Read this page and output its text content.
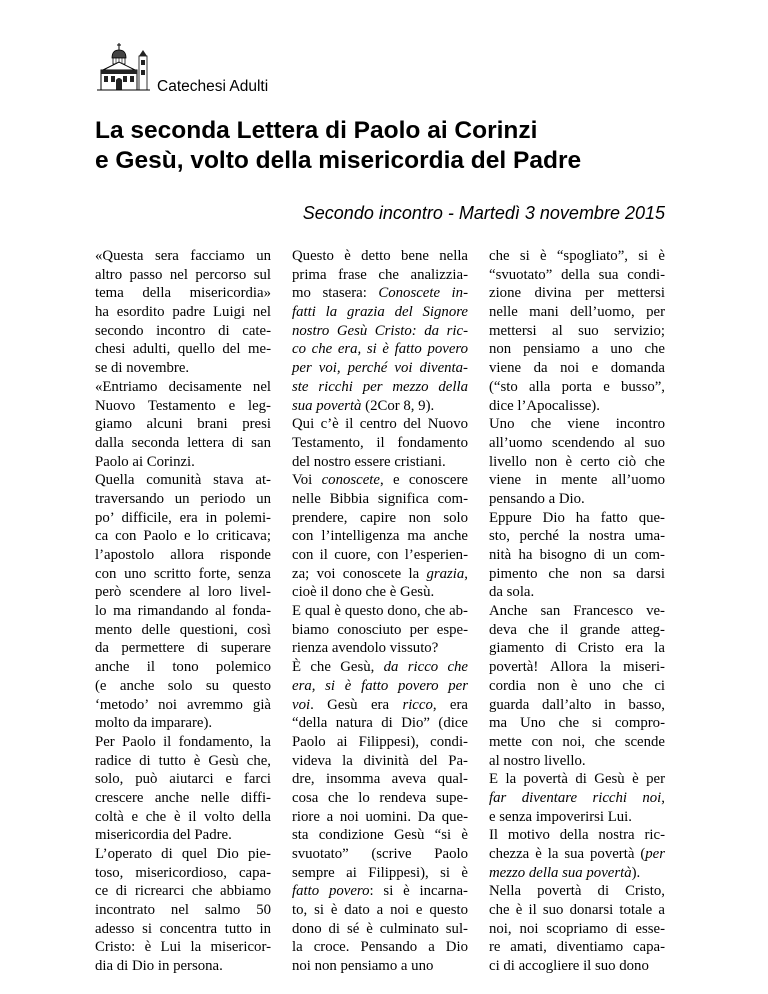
Catechesi Adulti
La seconda Lettera di Paolo ai Corinzi
e Gesù, volto della misericordia del Padre
Secondo incontro - Martedì 3 novembre 2015
«Questa sera facciamo un
altro passo nel percorso sul
tema della misericordia»
ha esordito padre Luigi nel
secondo incontro di cate-
chesi adulti, quello del me-
se di novembre.
«Entriamo decisamente nel
Nuovo Testamento e leg-
giamo alcuni brani presi
dalla seconda lettera di san
Paolo ai Corinzi.
Quella comunità stava at-
traversando un periodo un
po’ difficile, era in polemi-
ca con Paolo e lo criticava;
l’apostolo allora risponde
con uno scritto forte, senza
però scendere al loro livel-
lo ma rimandando al fonda-
mento delle questioni, così
da permettere di superare
anche il tono polemico
(e anche solo su questo
‘metodo’ noi avremmo già
molto da imparare).
Per Paolo il fondamento, la
radice di tutto è Gesù che,
solo, può aiutarci e farci
crescere anche nelle diffi-
coltà e che è il volto della
misericordia del Padre.
L’operato di quel Dio pie-
toso, misericordioso, capa-
ce di ricrearci che abbiamo
incontrato nel salmo 50
adesso si concentra tutto in
Cristo: è Lui la misericor-
dia di Dio in persona.
Questo è detto bene nella
prima frase che analizzia-
mo stasera: Conoscete in-
fatti la grazia del Signore
nostro Gesù Cristo: da ric-
co che era, si è fatto povero
per voi, perché voi diventa-
ste ricchi per mezzo della
sua povertà (2Cor 8, 9).
Qui c’è il centro del Nuovo
Testamento, il fondamento
del nostro essere cristiani.
Voi conoscete, e conoscere
nelle Bibbia significa com-
prendere, capire non solo
con l’intelligenza ma anche
con il cuore, con l’esperien-
za; voi conoscete la grazia,
cioè il dono che è Gesù.
E qual è questo dono, che ab-
biamo conosciuto per espe-
rienza avendolo vissuto?
È che Gesù, da ricco che
era, si è fatto povero per
voi. Gesù era ricco, era
“della natura di Dio” (dice
Paolo ai Filippesi), condi-
videva la divinità del Pa-
dre, insomma aveva qual-
cosa che lo rendeva supe-
riore a noi uomini. Da que-
sta condizione Gesù “si è
svuotato” (scrive Paolo
sempre ai Filippesi), si è
fatto povero: si è incarna-
to, si è dato a noi e questo
dono di sé è culminato sul-
la croce. Pensando a Dio
noi non pensiamo a uno
che si è “spogliato”, si è
“svuotato” della sua condi-
zione divina per mettersi
nelle mani dell’uomo, per
mettersi al suo servizio;
non pensiamo a uno che
viene da noi e domanda
(“sto alla porta e busso”,
dice l’Apocalisse).
Uno che viene incontro
all’uomo scendendo al suo
livello non è certo ciò che
viene in mente all’uomo
pensando a Dio.
Eppure Dio ha fatto que-
sto, perché la nostra uma-
nità ha bisogno di un com-
pimento che non sa darsi
da sola.
Anche san Francesco ve-
deva che il grande atteg-
giamento di Cristo era la
povertà! Allora la miseri-
cordia non è uno che ci
guarda dall’alto in basso,
ma Uno che si compro-
mette con noi, che scende
al nostro livello.
E la povertà di Gesù è per
far diventare ricchi noi,
e senza impoverirsi Lui.
Il motivo della nostra ric-
chezza è la sua povertà (per
mezzo della sua povertà).
Nella povertà di Cristo,
che è il suo donarsi totale a
noi, noi scopriamo di esse-
re amati, diventiamo capa-
ci di accogliere il suo dono
